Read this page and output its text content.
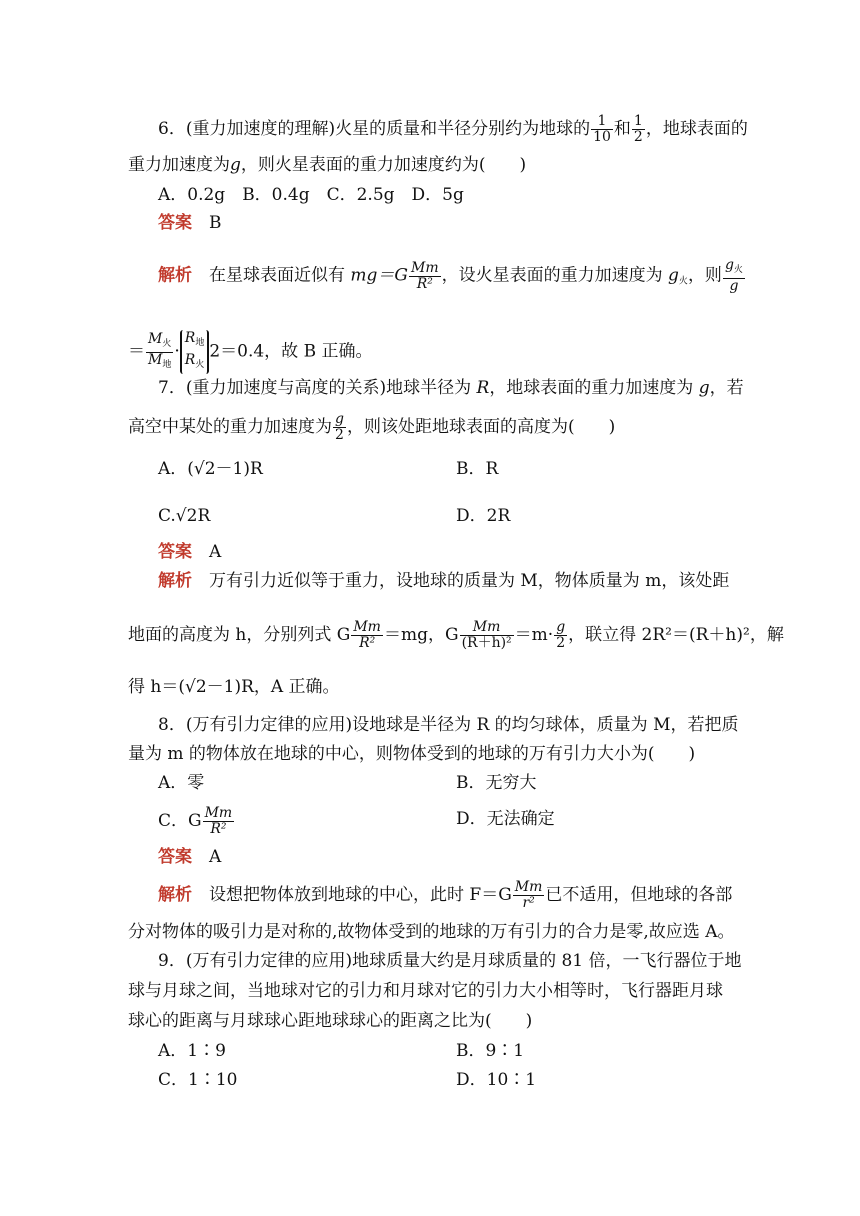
6．(重力加速度的理解)火星的质量和半径分别约为地球的 $\frac{1}{10}$ 和 $\frac{1}{2}$ ，地球表面的
重力加速度为g，则火星表面的重力加速度约为(　　)
A．0.2g　B．0.4g　C．2.5g　D．5g
答案　 B
解析　 在星球表面近似有 $mg=G \frac{Mm}{\text{R²}}$ ，设火星表面的重力加速度为 $g_火$，则 $\frac{g_火}{g}$
＝ $\frac{M_火}{M_地}$ ·
$R_地$
$R_火$
2＝0.4，故 B 正确。
7．(重力加速度与高度的关系)地球半径为 R，地球表面的重力加速度为 g，若
高空中某处的重力加速度为 $\frac{g}{2}$ ，则该处距地球表面的高度为(　　)
A．(√2－1)R	B．R
C.√2R	D．2R
答案　 A
解析　 万有引力近似等于重力，设地球的质量为 M，物体质量为 m，该处距
地面的高度为 h，分别列式 G $\frac{Mm}{\text{R²}} =mg$，G $\frac{Mm}{\text{(R＋h)²}} =m\cdot \frac{g}{2}$ ，联立得 2R²＝(R＋h)²，解
得 h＝(√2－1)R，A 正确。
8．(万有引力定律的应用)设地球是半径为 R 的均匀球体，质量为 M，若把质
量为 m 的物体放在地球的中心，则物体受到的地球的万有引力大小为(　　)
A．零	B．无穷大
C．G $\frac{Mm}{\text{R²}}$	D．无法确定
答案　 A
解析　 设想把物体放到地球的中心，此时 $F=G \frac{Mm}{\text{r²}}$ 已不适用，但地球的各部
分对物体的吸引力是对称的,故物体受到的地球的万有引力的合力是零,故应选 A。
9．(万有引力定律的应用)地球质量大约是月球质量的 81 倍，一飞行器位于地
球与月球之间，当地球对它的引力和月球对它的引力大小相等时，飞行器距月球
球心的距离与月球球心距地球球心的距离之比为(　　)
A．1∶9	B．9∶1
C．1∶10	D．10∶1
